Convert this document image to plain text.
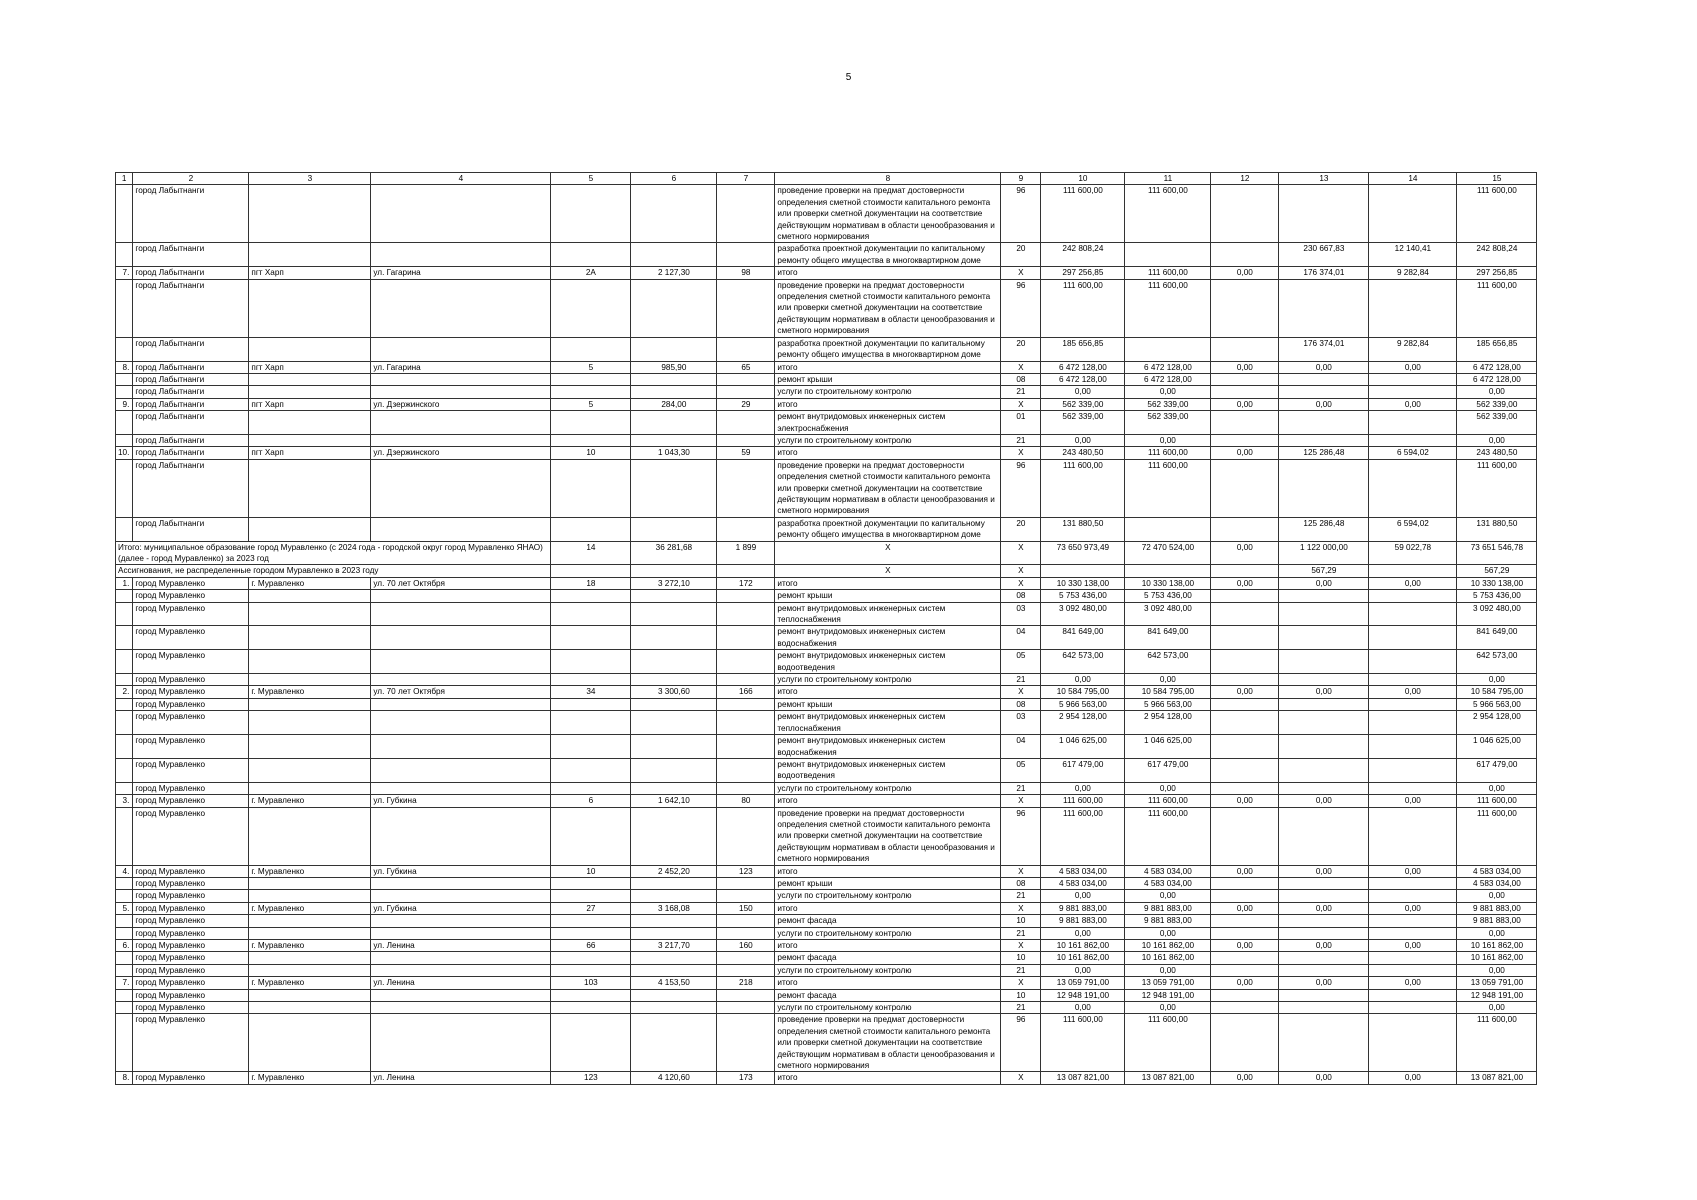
5
1	2	3	4	5	6	7	8	9	10	11	12	13	14	15
	город Лабытнанги						проведение проверки на предмат достоверности определения сметной стоимости капитального ремонта или проверки сметной документации на соответствие действующим нормативам в области ценообразования и сметного нормирования	96	111 600,00	111 600,00				111 600,00
	город Лабытнанги						разработка проектной документации по капитальному ремонту общего имущества в многоквартирном доме	20	242 808,24			230 667,83	12 140,41	242 808,24
7.	город Лабытнанги	пгт Харп	ул. Гагарина	2А	2 127,30	98	итого	X	297 256,85	111 600,00	0,00	176 374,01	9 282,84	297 256,85
	город Лабытнанги						проведение проверки на предмат достоверности определения сметной стоимости капитального ремонта или проверки сметной документации на соответствие действующим нормативам в области ценообразования и сметного нормирования	96	111 600,00	111 600,00				111 600,00
	город Лабытнанги						разработка проектной документации по капитальному ремонту общего имущества в многоквартирном доме	20	185 656,85			176 374,01	9 282,84	185 656,85
8.	город Лабытнанги	пгт Харп	ул. Гагарина	5	985,90	65	итого	X	6 472 128,00	6 472 128,00	0,00	0,00	0,00	6 472 128,00
	город Лабытнанги						ремонт крыши	08	6 472 128,00	6 472 128,00				6 472 128,00
	город Лабытнанги						услуги по строительному контролю	21	0,00	0,00				0,00
9.	город Лабытнанги	пгт Харп	ул. Дзержинского	5	284,00	29	итого	X	562 339,00	562 339,00	0,00	0,00	0,00	562 339,00
	город Лабытнанги						ремонт внутридомовых инженерных систем электроснабжения	01	562 339,00	562 339,00				562 339,00
	город Лабытнанги						услуги по строительному контролю	21	0,00	0,00				0,00
10.	город Лабытнанги	пгт Харп	ул. Дзержинского	10	1 043,30	59	итого	X	243 480,50	111 600,00	0,00	125 286,48	6 594,02	243 480,50
	город Лабытнанги						проведение проверки на предмат достоверности определения сметной стоимости капитального ремонта или проверки сметной документации на соответствие действующим нормативам в области ценообразования и сметного нормирования	96	111 600,00	111 600,00				111 600,00
	город Лабытнанги						разработка проектной документации по капитальному ремонту общего имущества в многоквартирном доме	20	131 880,50			125 286,48	6 594,02	131 880,50
Итого: муниципальное образование город Муравленко (с 2024 года - городской округ город Муравленко ЯНАО) (далее - город Муравленко) за 2023 год				14	36 281,68	1 899	X	X	73 650 973,49	72 470 524,00	0,00	1 122 000,00	59 022,78	73 651 546,78
Ассигнования, не распределенные городом Муравленко в 2023 году							X	X				567,29		567,29
1.	город Муравленко	г. Муравленко	ул. 70 лет Октября	18	3 272,10	172	итого	X	10 330 138,00	10 330 138,00	0,00	0,00	0,00	10 330 138,00
	город Муравленко						ремонт крыши	08	5 753 436,00	5 753 436,00				5 753 436,00
	город Муравленко						ремонт внутридомовых инженерных систем теплоснабжения	03	3 092 480,00	3 092 480,00				3 092 480,00
	город Муравленко						ремонт внутридомовых инженерных систем водоснабжения	04	841 649,00	841 649,00				841 649,00
	город Муравленко						ремонт внутридомовых инженерных систем водоотведения	05	642 573,00	642 573,00				642 573,00
	город Муравленко						услуги по строительному контролю	21	0,00	0,00				0,00
2.	город Муравленко	г. Муравленко	ул. 70 лет Октября	34	3 300,60	166	итого	X	10 584 795,00	10 584 795,00	0,00	0,00	0,00	10 584 795,00
	город Муравленко						ремонт крыши	08	5 966 563,00	5 966 563,00				5 966 563,00
	город Муравленко						ремонт внутридомовых инженерных систем теплоснабжения	03	2 954 128,00	2 954 128,00				2 954 128,00
	город Муравленко						ремонт внутридомовых инженерных систем водоснабжения	04	1 046 625,00	1 046 625,00				1 046 625,00
	город Муравленко						ремонт внутридомовых инженерных систем водоотведения	05	617 479,00	617 479,00				617 479,00
	город Муравленко						услуги по строительному контролю	21	0,00	0,00				0,00
3.	город Муравленко	г. Муравленко	ул. Губкина	6	1 642,10	80	итого	X	111 600,00	111 600,00	0,00	0,00	0,00	111 600,00
	город Муравленко						проведение проверки на предмат достоверности определения сметной стоимости капитального ремонта или проверки сметной документации на соответствие действующим нормативам в области ценообразования и сметного нормирования	96	111 600,00	111 600,00				111 600,00
4.	город Муравленко	г. Муравленко	ул. Губкина	10	2 452,20	123	итого	X	4 583 034,00	4 583 034,00	0,00	0,00	0,00	4 583 034,00
	город Муравленко						ремонт крыши	08	4 583 034,00	4 583 034,00				4 583 034,00
	город Муравленко						услуги по строительному контролю	21	0,00	0,00				0,00
5.	город Муравленко	г. Муравленко	ул. Губкина	27	3 168,08	150	итого	X	9 881 883,00	9 881 883,00	0,00	0,00	0,00	9 881 883,00
	город Муравленко						ремонт фасада	10	9 881 883,00	9 881 883,00				9 881 883,00
	город Муравленко						услуги по строительному контролю	21	0,00	0,00				0,00
6.	город Муравленко	г. Муравленко	ул. Ленина	66	3 217,70	160	итого	X	10 161 862,00	10 161 862,00	0,00	0,00	0,00	10 161 862,00
	город Муравленко						ремонт фасада	10	10 161 862,00	10 161 862,00				10 161 862,00
	город Муравленко						услуги по строительному контролю	21	0,00	0,00				0,00
7.	город Муравленко	г. Муравленко	ул. Ленина	103	4 153,50	218	итого	X	13 059 791,00	13 059 791,00	0,00	0,00	0,00	13 059 791,00
	город Муравленко						ремонт фасада	10	12 948 191,00	12 948 191,00				12 948 191,00
	город Муравленко						услуги по строительному контролю	21	0,00	0,00				0,00
	город Муравленко						проведение проверки на предмат достоверности определения сметной стоимости капитального ремонта или проверки сметной документации на соответствие действующим нормативам в области ценообразования и сметного нормирования	96	111 600,00	111 600,00				111 600,00
8.	город Муравленко	г. Муравленко	ул. Ленина	123	4 120,60	173	итого	X	13 087 821,00	13 087 821,00	0,00	0,00	0,00	13 087 821,00
